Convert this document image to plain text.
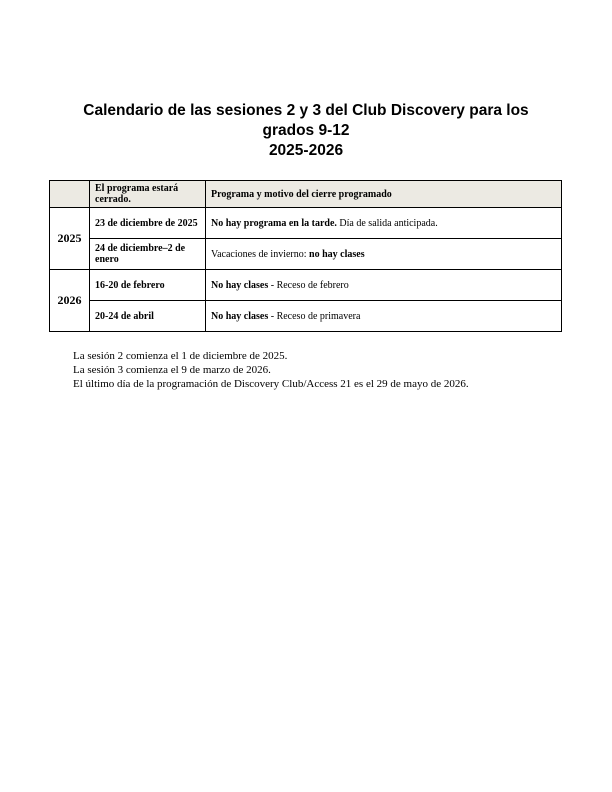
Calendario de las sesiones 2 y 3 del Club Discovery para los
grados 9-12
2025-2026
	El programa estará cerrado.	Programa y motivo del cierre programado
2025	23 de diciembre de 2025	No hay programa en la tarde. Día de salida anticipada.
	24 de diciembre–2 de enero	Vacaciones de invierno: no hay clases
2026	16-20 de febrero	No hay clases - Receso de febrero
	20-24 de abril	No hay clases - Receso de primavera

La sesión 2 comienza el 1 de diciembre de 2025.

La sesión 3 comienza el 9 de marzo de 2026.

El último día de la programación de Discovery Club/Access 21 es el 29 de mayo de 2026.
